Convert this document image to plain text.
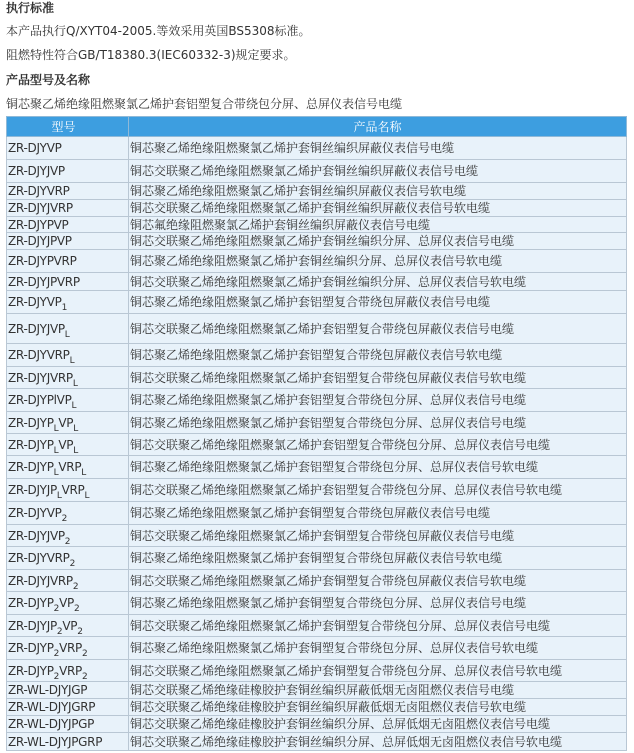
执行标准
本产品执行Q/XYT04-2005.等效采用英国BS5308标准。
阻燃特性符合GB/T18380.3(IEC60332-3)规定要求。
产品型号及名称
铜芯聚乙烯绝缘阻燃聚氯乙烯护套铝塑复合带绕包分屏、总屏仪表信号电缆
型号	产品名称
ZR-DJYVP	铜芯聚乙烯绝缘阻燃聚氯乙烯护套铜丝编织屏蔽仪表信号电缆
ZR-DJYJVP	铜芯交联聚乙烯绝缘阻燃聚氯乙烯护套铜丝编织屏蔽仪表信号电缆
ZR-DJYVRP	铜芯聚乙烯绝缘阻燃聚氯乙烯护套铜丝编织屏蔽仪表信号软电缆
ZR-DJYJVRP	铜芯交联聚乙烯绝缘阻燃聚氯乙烯护套铜丝编织屏蔽仪表信号软电缆
ZR-DJYPVP	铜芯氟绝缘阻燃聚氯乙烯护套铜丝编织屏蔽仪表信号电缆
ZR-DJYJPVP	铜芯交联聚乙烯绝缘阻燃聚氯乙烯护套铜丝编织分屏、总屏仪表信号电缆
ZR-DJYPVRP	铜芯聚乙烯绝缘阻燃聚氯乙烯护套铜丝编织分屏、总屏仪表信号软电缆
ZR-DJYJPVRP	铜芯交联聚乙烯绝缘阻燃聚氯乙烯护套铜丝编织分屏、总屏仪表信号软电缆
$ZR-DJYVP_1$	铜芯聚乙烯绝缘阻燃聚氯乙烯护套铝塑复合带绕包屏蔽仪表信号电缆
$ZR-DJYJVP_L$	铜芯交联聚乙烯绝缘阻燃聚氯乙烯护套铝塑复合带绕包屏蔽仪表信号电缆
$ZR-DJYVRP_L$	铜芯聚乙烯绝缘阻燃聚氯乙烯护套铝塑复合带绕包屏蔽仪表信号软电缆
$ZR-DJYJVRP_L$	铜芯交联聚乙烯绝缘阻燃聚氯乙烯护套铝塑复合带绕包屏蔽仪表信号软电缆
ZR-DJYPlVP$_L$	铜芯聚乙烯绝缘阻燃聚氯乙烯护套铝塑复合带绕包分屏、总屏仪表信号电缆
$ZR-DJYP_LVP_L$	铜芯聚乙烯绝缘阻燃聚氯乙烯护套铝塑复合带绕包分屏、总屏仪表信号电缆
$ZR-DJYP_LVP_L$	铜芯交联聚乙烯绝缘阻燃聚氯乙烯护套铝塑复合带绕包分屏、总屏仪表信号电缆
$ZR-DJYP_LVRP_L$	铜芯聚乙烯绝缘阻燃聚氯乙烯护套铝塑复合带绕包分屏、总屏仪表信号软电缆
$ZR-DJYJP_LVRP_L$	铜芯交联聚乙烯绝缘阻燃聚氯乙烯护套铝塑复合带绕包分屏、总屏仪表信号软电缆
$ZR-DJYVP_2$	铜芯聚乙烯绝缘阻燃聚氯乙烯护套铜塑复合带绕包屏蔽仪表信号电缆
$ZR-DJYJVP_2$	铜芯交联聚乙烯绝缘阻燃聚氯乙烯护套铜塑复合带绕包屏蔽仪表信号电缆
$ZR-DJYVRP_2$	铜芯聚乙烯绝缘阻燃聚氯乙烯护套铜塑复合带绕包屏蔽仪表信号软电缆
$ZR-DJYJVRP_2$	铜芯交联聚乙烯绝缘阻燃聚氯乙烯护套铜塑复合带绕包屏蔽仪表信号软电缆
$ZR-DJYP_2VP_2$	铜芯聚乙烯绝缘阻燃聚氯乙烯护套铜塑复合带绕包分屏、总屏仪表信号电缆
$ZR-DJYJP_2VP_2$	铜芯交联聚乙烯绝缘阻燃聚氯乙烯护套铜塑复合带绕包分屏、总屏仪表信号电缆
$ZR-DJYP_2VRP_2$	铜芯聚乙烯绝缘阻燃聚氯乙烯护套铜塑复合带绕包分屏、总屏仪表信号软电缆
$ZR-DJYP_2VRP_2$	铜芯交联聚乙烯绝缘阻燃聚氯乙烯护套铜塑复合带绕包分屏、总屏仪表信号软电缆
ZR-WL-DJYJGP	铜芯交联聚乙烯绝缘硅橡胶护套铜丝编织屏蔽低烟无卤阻燃仪表信号电缆
ZR-WL-DJYJGRP	铜芯交联聚乙烯绝缘硅橡胶护套铜丝编织屏蔽低烟无卤阻燃仪表信号软电缆
ZR-WL-DJYJPGP	铜芯交联聚乙烯绝缘硅橡胶护套铜丝编织分屏、总屏低烟无卤阻燃仪表信号电缆
ZR-WL-DJYJPGRP	铜芯交联聚乙烯绝缘硅橡胶护套铜丝编织分屏、总屏低烟无卤阻燃仪表信号软电缆
